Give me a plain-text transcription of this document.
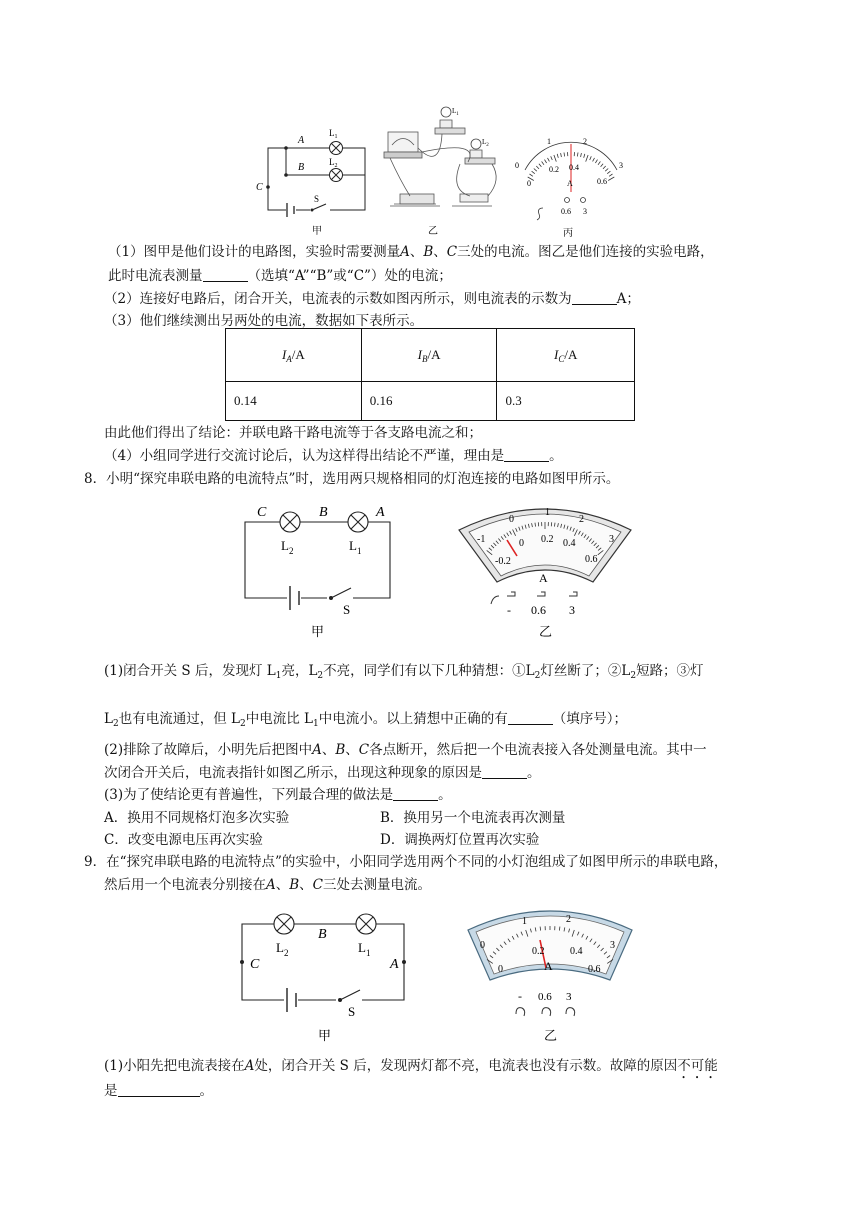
A
B
C
$L_1$
$L_2$
S
甲
$L_1$
$L_2$
乙
0
0.2 0.4
0.6
0
1	2
3
A
0.6 3
丙
（1）图甲是他们设计的电路图，实验时需要测量A、B、C三处的电流。图乙是他们连接的实验电路，
此时电流表测量	（选填“A”“B”或“C”）处的电流；
（2）连接好电路后，闭合开关，电流表的示数如图丙所示，则电流表的示数为	A；
（3）他们继续测出另两处的电流，数据如下表所示。
$I_A/A$	$I_B/A$	$I_C/A$
0.14	0.16	0.3
由此他们得出了结论：并联电路干路电流等于各支路电流之和；
（4）小组同学进行交流讨论后，认为这样得出结论不严谨，理由是	。
8．小明“探究串联电路的电流特点”时，选用两只规格相同的灯泡连接的电路如图甲所示。
C	B	A
$L_2$	$L_1$
S
甲
-1
0
1
2
3
-0.2
0 0.2 0.4
0.6
A
- 0.6 3
乙
(1)闭合开关 S 后，发现灯 $L_1$亮，$L_2$不亮，同学们有以下几种猜想：$①L_2$灯丝断了；$②L_2$短路；③灯
$L_2$也有电流通过，但 $L_2$中电流比 $L_1$中电流小。以上猜想中正确的有	（填序号）；
(2)排除了故障后，小明先后把图中A、B、C各点断开，然后把一个电流表接入各处测量电流。其中一
次闭合开关后，电流表指针如图乙所示，出现这种现象的原因是	。
(3)为了使结论更有普遍性，下列最合理的做法是	。
A．换用不同规格灯泡多次实验	B．换用另一个电流表再次测量
C．改变电源电压再次实验	D．调换两灯位置再次实验
9．在“探究串联电路的电流特点”的实验中，小阳同学选用两个不同的小灯泡组成了如图甲所示的串联电路，
然后用一个电流表分别接在A、B、C三处去测量电流。
$L_2$	$L_1$
B
C	A
S
甲
0
1	2
3
0
0.2	0.4
0.6
A
- 0.6 3
乙
(1)小阳先把电流表接在A处，闭合开关 S 后，发现两灯都不亮，电流表也没有示数。故障的原因不可能
是	。
